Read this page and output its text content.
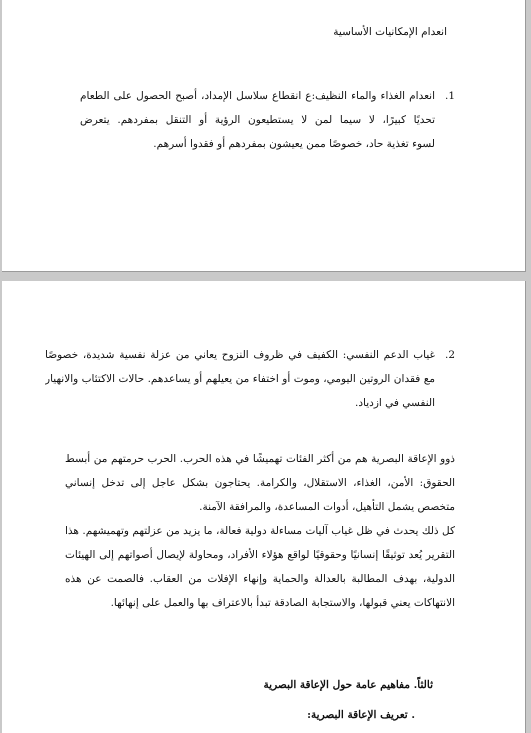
انعدام الإمكانيات الأساسية
1.
انعدام الغذاء والماء النظيف:ع انقطاع سلاسل الإمداد، أصبح الحصول على الطعام
تحديًا كبيرًا، لا سيما لمن لا يستطيعون الرؤية أو التنقل بمفردهم. يتعرض
لسوء تغذية حاد، خصوصًا ممن يعيشون بمفردهم أو فقدوا أسرهم.
2.
غياب الدعم النفسي: الكفيف في ظروف النزوح يعاني من عزلة نفسية شديدة، خصوصًا
مع فقدان الروتين اليومي، وموت أو اختفاء من يعيلهم أو يساعدهم. حالات الاكتئاب والانهيار
النفسي في ازدياد.
ذوو الإعاقة البصرية هم من أكثر الفئات تهميشًا في هذه الحرب. الحرب حرمتهم من أبسط
الحقوق: الأمن، الغذاء، الاستقلال، والكرامة. يحتاجون بشكل عاجل إلى تدخل إنساني
متخصص يشمل التأهيل، أدوات المساعدة، والمرافقة الآمنة.
كل ذلك يحدث في ظل غياب آليات مساءلة دولية فعالة، ما يزيد من عزلتهم وتهميشهم. هذا
التقرير يُعد توثيقًا إنسانيًا وحقوقيًا لواقع هؤلاء الأفراد، ومحاولة لإيصال أصواتهم إلى الهيئات
الدولية، بهدف المطالبة بالعدالة والحماية وإنهاء الإفلات من العقاب. فالصمت عن هذه
الانتهاكات يعني قبولها، والاستجابة الصادقة تبدأ بالاعتراف بها والعمل على إنهائها.
ثالثاً. مفاهيم عامة حول الإعاقة البصرية
. تعريف الإعاقة البصرية:
